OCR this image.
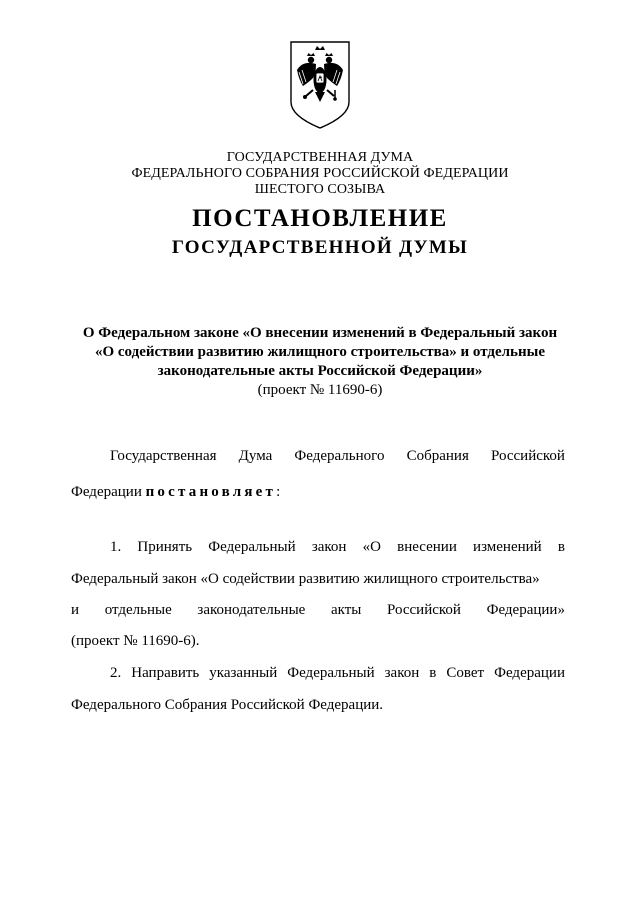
ГОСУДАРСТВЕННАЯ ДУМА
ФЕДЕРАЛЬНОГО СОБРАНИЯ РОССИЙСКОЙ ФЕДЕРАЦИИ
ШЕСТОГО СОЗЫВА
ПОСТАНОВЛЕНИЕ
ГОСУДАРСТВЕННОЙ ДУМЫ
О Федеральном законе «О внесении изменений в Федеральный закон
«О содействии развитию жилищного строительства» и отдельные
законодательные акты Российской Федерации»
(проект № 11690-6)
Государственная Дума Федерального Собрания Российской
Федерации постановляет:
1. Принять Федеральный закон «О внесении изменений в
Федеральный закон «О содействии развитию жилищного строительства»
и отдельные законодательные акты Российской Федерации»
(проект № 11690-6).
2. Направить указанный Федеральный закон в Совет Федерации
Федерального Собрания Российской Федерации.
